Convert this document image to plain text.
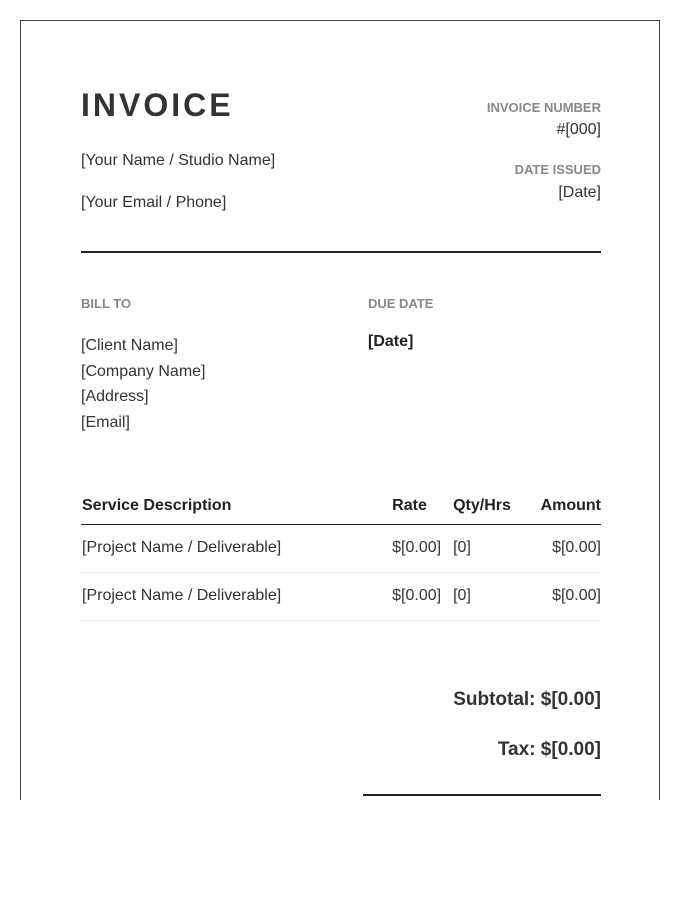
INVOICE
[Your Name / Studio Name]
[Your Email / Phone]
INVOICE NUMBER
#[000]
DATE ISSUED
[Date]
BILL TO	DUE DATE
[Client Name]
[Company Name]
[Address]
[Email]
[Date]
Service Description	Rate	Qty/Hrs	Amount
[Project Name / Deliverable]	$[0.00]	[0]	$[0.00]
[Project Name / Deliverable]	$[0.00]	[0]	$[0.00]
Subtotal: $[0.00]
Tax: $[0.00]
